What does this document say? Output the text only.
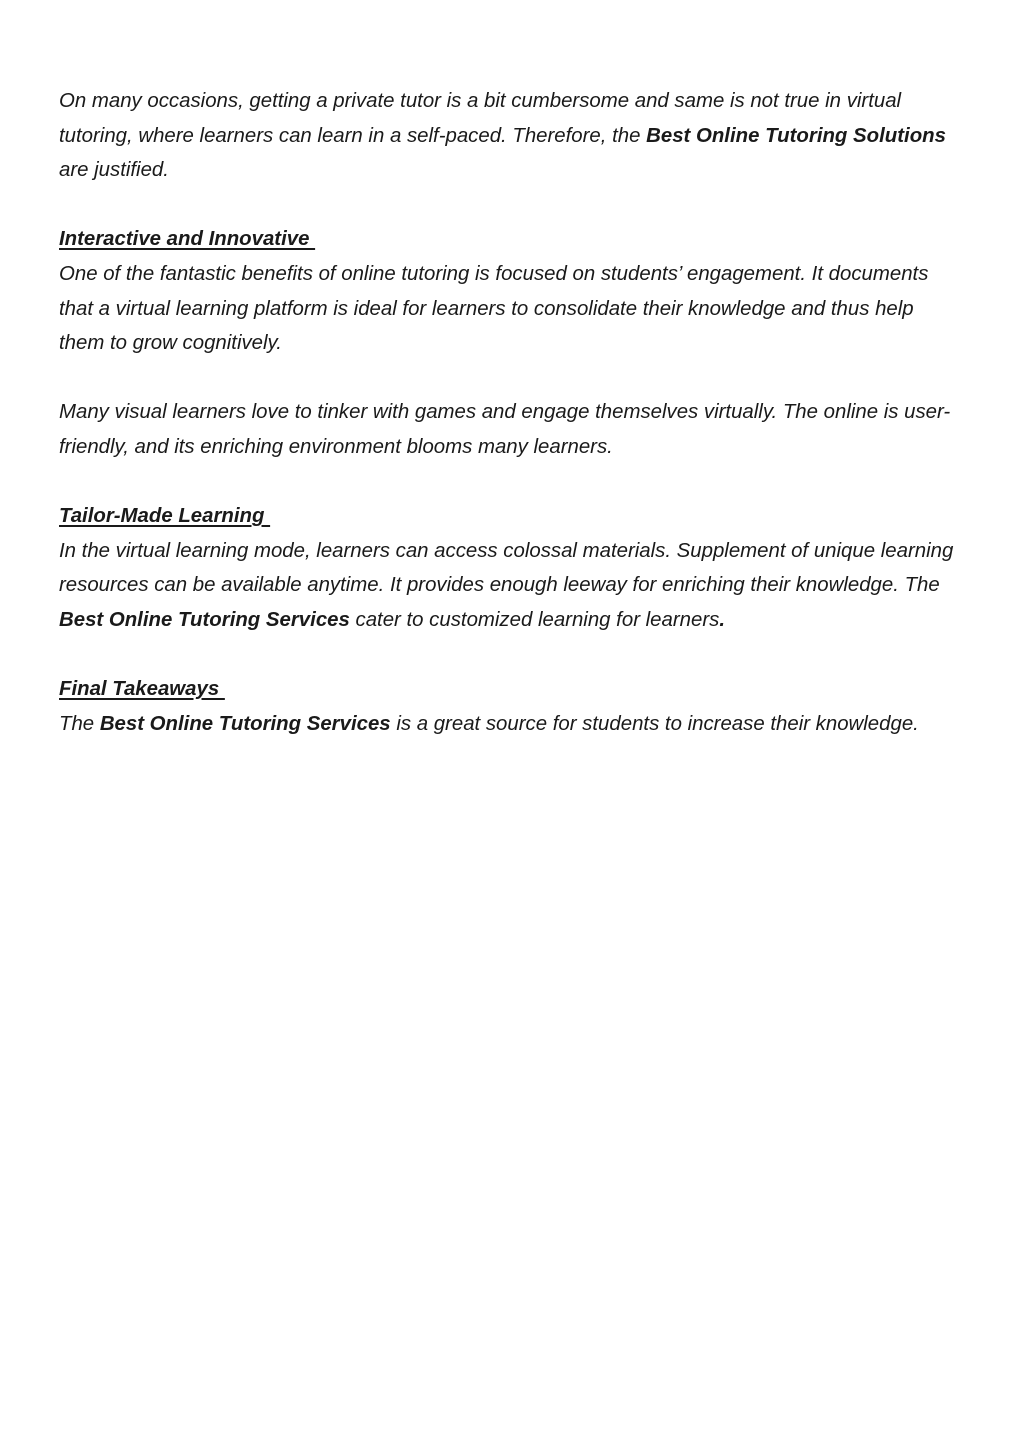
On many occasions, getting a private tutor is a bit cumbersome and same is not true in virtual tutoring, where learners can learn in a self-paced. Therefore, the Best Online Tutoring Solutions are justified.

Interactive and Innovative
One of the fantastic benefits of online tutoring is focused on students’ engagement. It documents that a virtual learning platform is ideal for learners to consolidate their knowledge and thus help them to grow cognitively.

Many visual learners love to tinker with games and engage themselves virtually. The online is user-friendly, and its enriching environment blooms many learners.

Tailor-Made Learning
In the virtual learning mode, learners can access colossal materials. Supplement of unique learning resources can be available anytime. It provides enough leeway for enriching their knowledge. The Best Online Tutoring Services cater to customized learning for learners.

Final Takeaways
The Best Online Tutoring Services is a great source for students to increase their knowledge.
